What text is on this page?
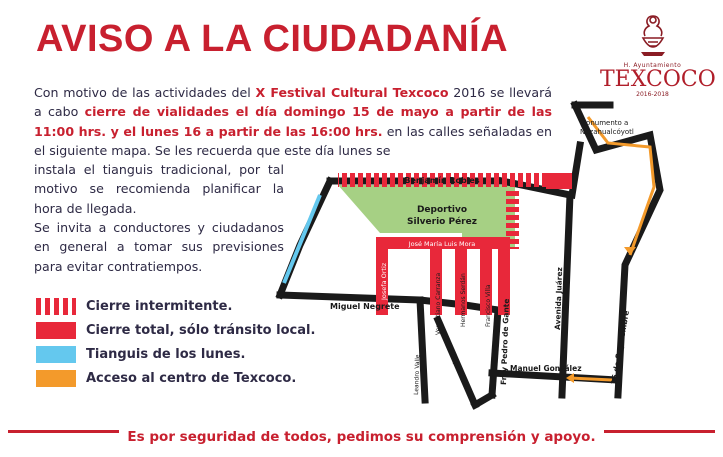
AVISO A LA CIUDADANÍA
Con motivo de las actividades del X Festival Cultural Texcoco 2016 se llevará a cabo cierre de vialidades el día domingo 15 de mayo a partir de las 11:00 hrs. y el lunes 16 a partir de las 16:00 hrs. en las calles señaladas en el siguiente mapa. Se les recuerda que este día lunes se
instala el tianguis tradicional, por tal motivo se recomienda planificar la hora de llegada.
Se invita a conductores y ciudadanos en general a tomar sus previsiones para evitar contratiempos.
Cierre intermitente.
Cierre total, sólo tránsito local.
Tianguis de los lunes.
Acceso al centro de Texcoco.
H. Ayuntamiento
TEXCOCO
2016-2018
Monumento a
Nezahualcóyotl
Deportivo
Silverio Pérez
Benjamín Robles
Benjamín Robles
Miguel Negrete
Josefa Ortiz
José María Luis Mora
Venustiano Carranza	Hermanos Serdán	Francisco Villa Fray Pedro de Gante	Avenida Juárez
Leandro Valle	Campo Florido	Manuel González	16 de Septiembre
Es por seguridad de todos, pedimos su comprensión y apoyo.
